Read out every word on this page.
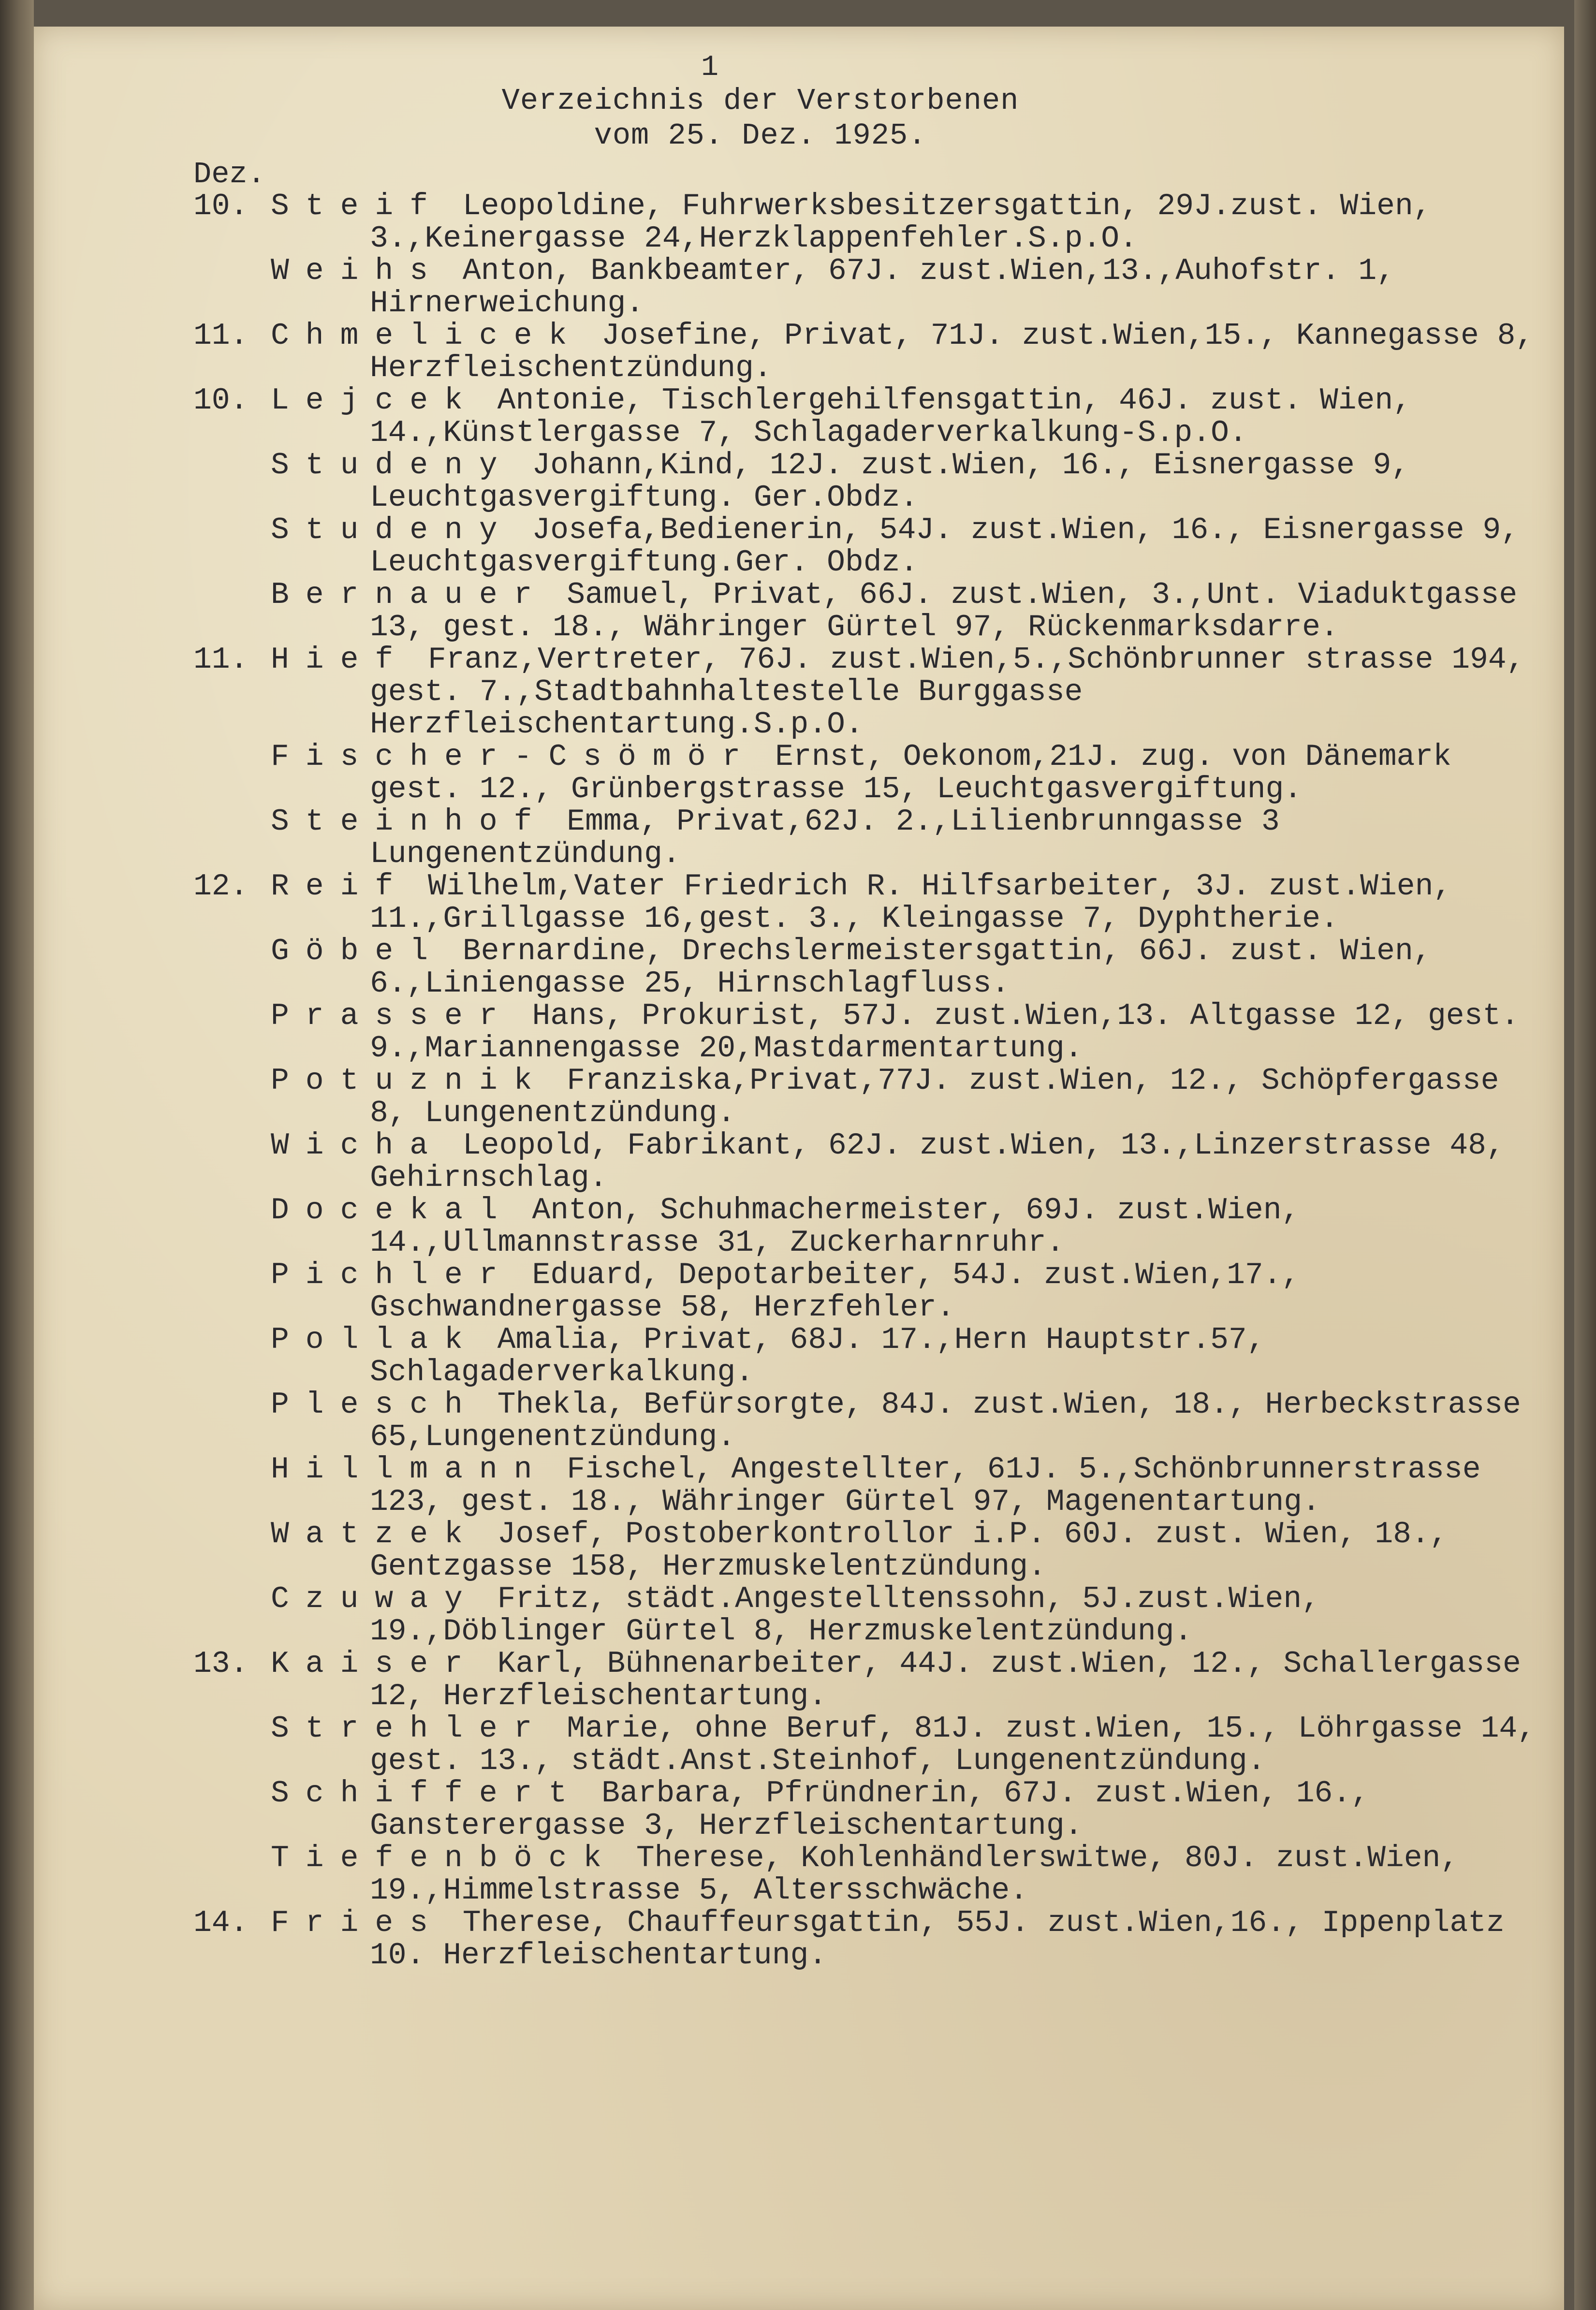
1
Verzeichnis der Verstorbenen
vom 25. Dez. 1925.
Dez.
10. Steif Leopoldine, Fuhrwerksbesitzersgattin, 29J.zust. Wien, 3.,Keinergasse 24,Herzklappenfehler.S.p.O.
Weihs Anton, Bankbeamter, 67J. zust.Wien,13.,Auhofstr. 1, Hirnerweichung.
11. Chmelicek Josefine, Privat, 71J. zust.Wien,15., Kannegasse 8, Herzfleischentzündung.
10. Lejcek Antonie, Tischlergehilfensgattin, 46J. zust. Wien, 14.,Künstlergasse 7, Schlagaderverkalkung-S.p.O.
Studeny Johann,Kind, 12J. zust.Wien, 16., Eisnergasse 9, Leuchtgasvergiftung. Ger.Obdz.
Studeny Josefa,Bedienerin, 54J. zust.Wien, 16., Eisnergasse 9, Leuchtgasvergiftung.Ger. Obdz.
Bernauer Samuel, Privat, 66J. zust.Wien, 3.,Unt. Viaduktgasse 13, gest. 18., Währinger Gürtel 97, Rückenmarksdarre.
11. Hief Franz,Vertreter, 76J. zust.Wien,5.,Schönbrunner strasse 194, gest. 7.,Stadtbahnhaltestelle Burggasse Herzfleischentartung.S.p.O.
Fischer-Csömör Ernst, Oekonom,21J. zug. von Dänemark gest. 12., Grünbergstrasse 15, Leuchtgasvergiftung.
Steinhof Emma, Privat,62J. 2.,Lilienbrunngasse 3 Lungenentzündung.
12. Reif Wilhelm,Vater Friedrich R. Hilfsarbeiter, 3J. zust.Wien, 11.,Grillgasse 16,gest. 3., Kleingasse 7, Dyphtherie.
Göbel Bernardine, Drechslermeistersgattin, 66J. zust. Wien, 6.,Liniengasse 25, Hirnschlagfluss.
Prasser Hans, Prokurist, 57J. zust.Wien,13. Altgasse 12, gest. 9.,Mariannengasse 20,Mastdarmentartung.
Potuznik Franziska,Privat,77J. zust.Wien, 12., Schöpfergasse 8, Lungenentzündung.
Wicha Leopold, Fabrikant, 62J. zust.Wien, 13.,Linzerstrasse 48, Gehirnschlag.
Docekal Anton, Schuhmachermeister, 69J. zust.Wien, 14.,Ullmannstrasse 31, Zuckerharnruhr.
Pichler Eduard, Depotarbeiter, 54J. zust.Wien,17., Gschwandnergasse 58, Herzfehler.
Pollak Amalia, Privat, 68J. 17.,Hern Hauptstr.57, Schlagaderverkalkung.
Plesch Thekla, Befürsorgte, 84J. zust.Wien, 18., Herbeckstrasse 65,Lungenentzündung.
Hillmann Fischel, Angestellter, 61J. 5.,Schönbrunnerstrasse 123, gest. 18., Währinger Gürtel 97, Magenentartung.
Watzek Josef, Postoberkontrollor i.P. 60J. zust. Wien, 18., Gentzgasse 158, Herzmuskelentzündung.
Czuway Fritz, städt.Angestelltenssohn, 5J.zust.Wien, 19.,Döblinger Gürtel 8, Herzmuskelentzündung.
13. Kaiser Karl, Bühnenarbeiter, 44J. zust.Wien, 12., Schallergasse 12, Herzfleischentartung.
Strehler Marie, ohne Beruf, 81J. zust.Wien, 15., Löhrgasse 14, gest. 13., städt.Anst.Steinhof, Lungenentzündung.
Schiffert Barbara, Pfründnerin, 67J. zust.Wien, 16., Gansterergasse 3, Herzfleischentartung.
Tiefenböck Therese, Kohlenhändlerswitwe, 80J. zust.Wien, 19.,Himmelstrasse 5, Altersschwäche.
14. Fries Therese, Chauffeursgattin, 55J. zust.Wien,16., Ippenplatz 10. Herzfleischentartung.
